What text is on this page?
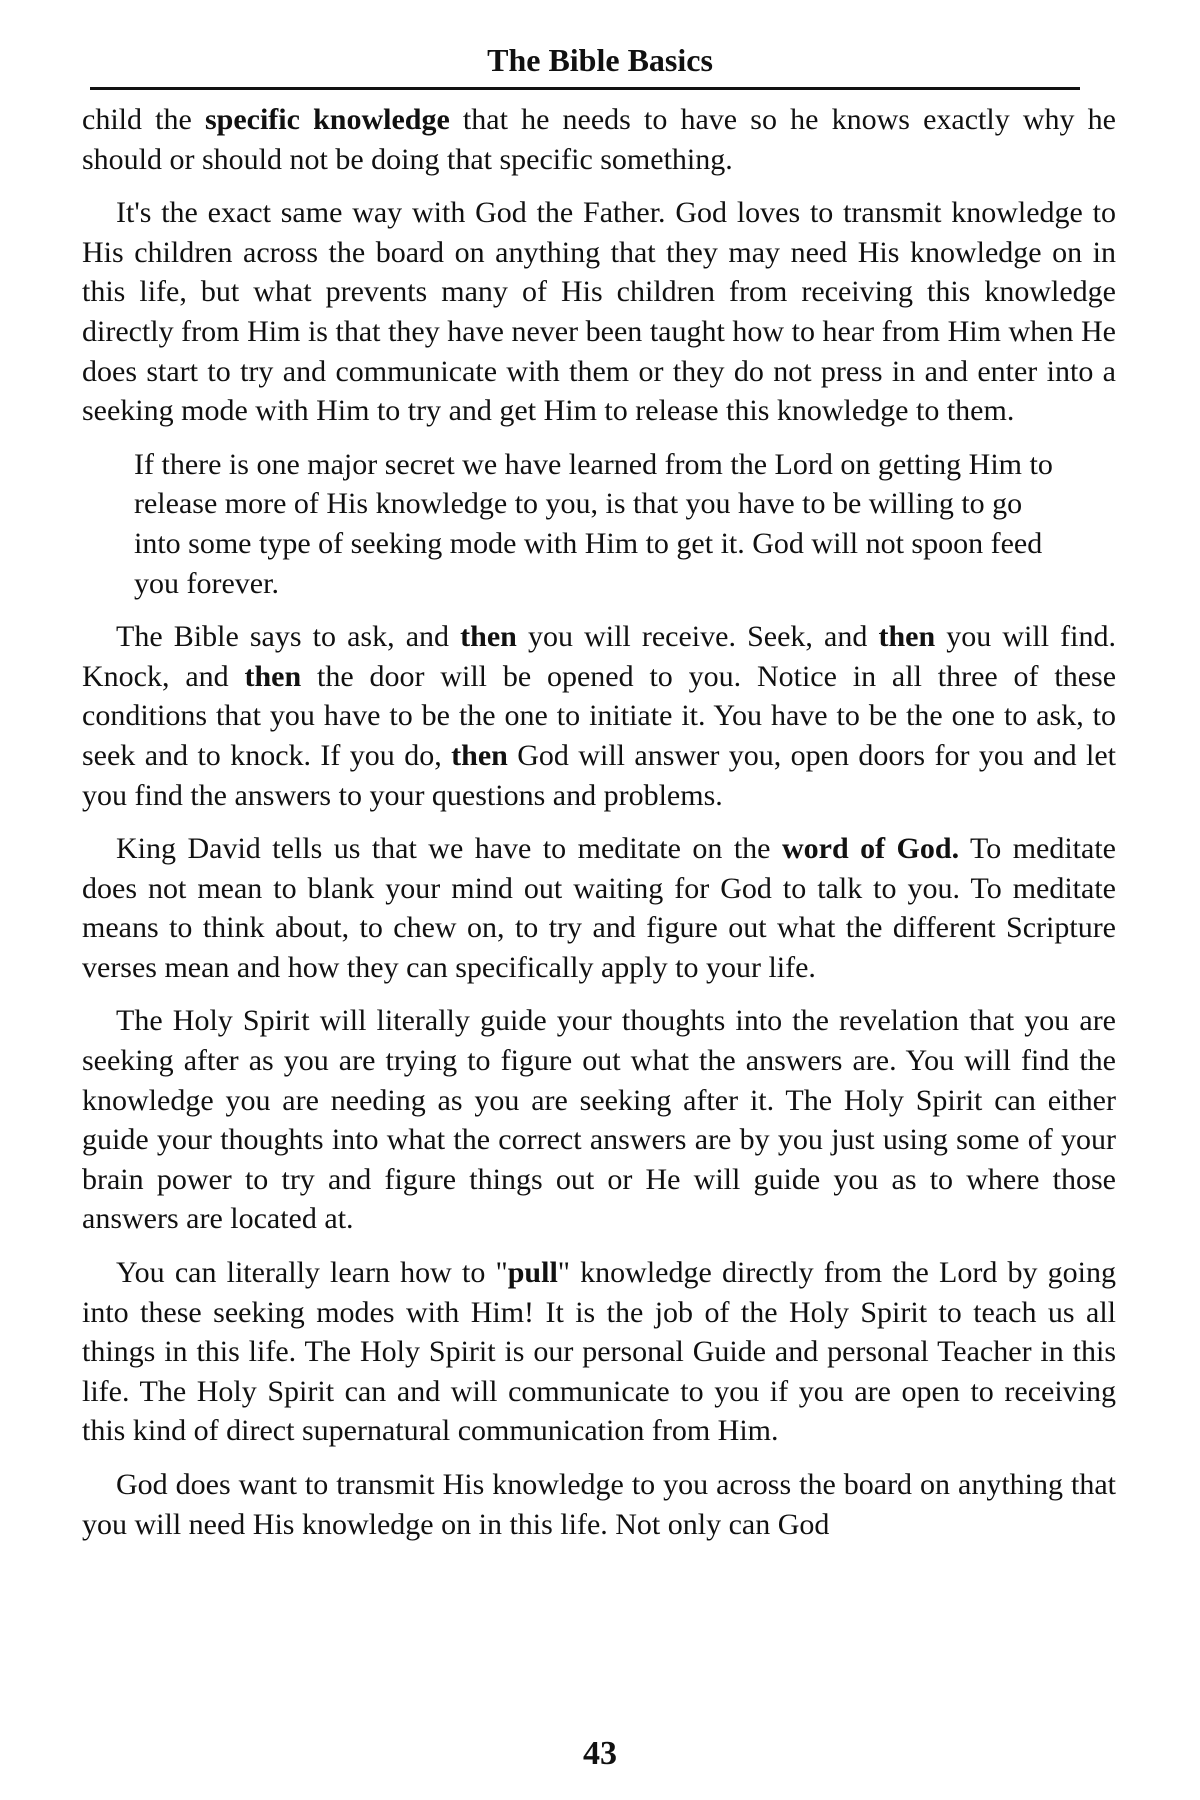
The Bible Basics

child the specific knowledge that he needs to have so he knows exactly why he should or should not be doing that specific something.

It's the exact same way with God the Father. God loves to transmit knowledge to His children across the board on anything that they may need His knowledge on in this life, but what prevents many of His children from receiving this knowledge directly from Him is that they have never been taught how to hear from Him when He does start to try and communicate with them or they do not press in and enter into a seeking mode with Him to try and get Him to release this knowledge to them.

If there is one major secret we have learned from the Lord on getting Him to release more of His knowledge to you, is that you have to be willing to go into some type of seeking mode with Him to get it. God will not spoon feed you forever.

The Bible says to ask, and then you will receive. Seek, and then you will find. Knock, and then the door will be opened to you. Notice in all three of these conditions that you have to be the one to initiate it. You have to be the one to ask, to seek and to knock. If you do, then God will answer you, open doors for you and let you find the answers to your questions and problems.

King David tells us that we have to meditate on the word of God. To meditate does not mean to blank your mind out waiting for God to talk to you. To meditate means to think about, to chew on, to try and figure out what the different Scripture verses mean and how they can specifically apply to your life.

The Holy Spirit will literally guide your thoughts into the revelation that you are seeking after as you are trying to figure out what the answers are. You will find the knowledge you are needing as you are seeking after it. The Holy Spirit can either guide your thoughts into what the correct answers are by you just using some of your brain power to try and figure things out or He will guide you as to where those answers are located at.

You can literally learn how to "pull" knowledge directly from the Lord by going into these seeking modes with Him! It is the job of the Holy Spirit to teach us all things in this life. The Holy Spirit is our personal Guide and personal Teacher in this life. The Holy Spirit can and will communicate to you if you are open to receiving this kind of direct supernatural communication from Him.

God does want to transmit His knowledge to you across the board on anything that you will need His knowledge on in this life. Not only can God

43
